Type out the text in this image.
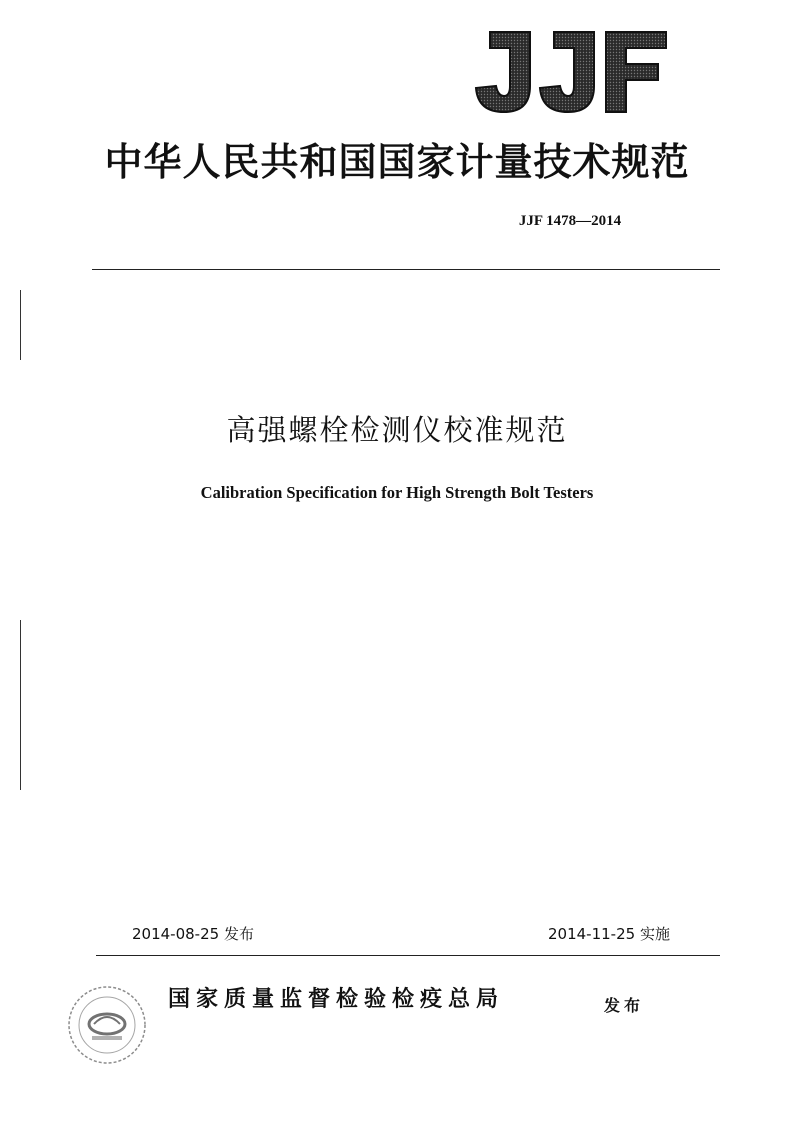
中华人民共和国国家计量技术规范
JJF 1478—2014
高强螺栓检测仪校准规范
Calibration Specification for High Strength Bolt Testers
2014-08-25 发布	2014-11-25 实施
国家质量监督检验检疫总局	发布
